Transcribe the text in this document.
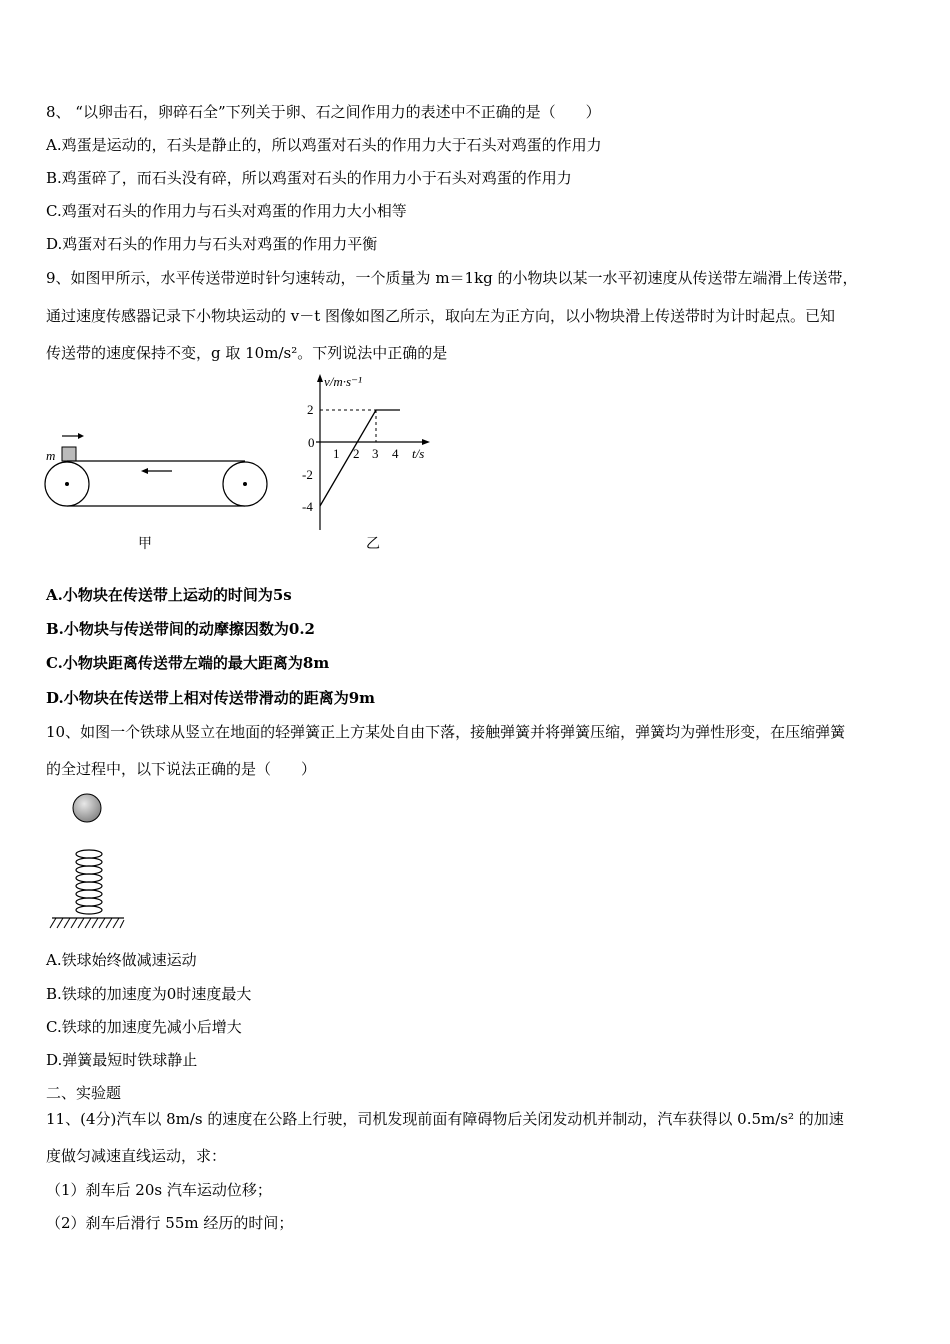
8、 “以卵击石，卵碎石全”下列关于卵、石之间作用力的表述中不正确的是（　　）
A.鸡蛋是运动的，石头是静止的，所以鸡蛋对石头的作用力大于石头对鸡蛋的作用力
B.鸡蛋碎了，而石头没有碎，所以鸡蛋对石头的作用力小于石头对鸡蛋的作用力
C.鸡蛋对石头的作用力与石头对鸡蛋的作用力大小相等
D.鸡蛋对石头的作用力与石头对鸡蛋的作用力平衡
9、如图甲所示，水平传送带逆时针匀速转动，一个质量为 m＝1kg 的小物块以某一水平初速度从传送带左端滑上传送带，
通过速度传感器记录下小物块运动的 v－t 图像如图乙所示，取向左为正方向，以小物块滑上传送带时为计时起点。已知
传送带的速度保持不变，g 取 10m/s²。下列说法中正确的是
m
甲
v/m·s⁻¹
t/s
0
2
-2
-4
1 2 3 4
乙
A.小物块在传送带上运动的时间为5s
B.小物块与传送带间的动摩擦因数为0.2
C.小物块距离传送带左端的最大距离为8m
D.小物块在传送带上相对传送带滑动的距离为9m
10、如图一个铁球从竖立在地面的轻弹簧正上方某处自由下落，接触弹簧并将弹簧压缩，弹簧均为弹性形变，在压缩弹簧
的全过程中，以下说法正确的是（　　）
A.铁球始终做减速运动
B.铁球的加速度为0时速度最大
C.铁球的加速度先减小后增大
D.弹簧最短时铁球静止
二、实验题
11、(4分)汽车以 8m/s 的速度在公路上行驶，司机发现前面有障碍物后关闭发动机并制动，汽车获得以 0.5m/s² 的加速
度做匀减速直线运动，求：
（1）刹车后 20s 汽车运动位移；
（2）刹车后滑行 55m 经历的时间；
